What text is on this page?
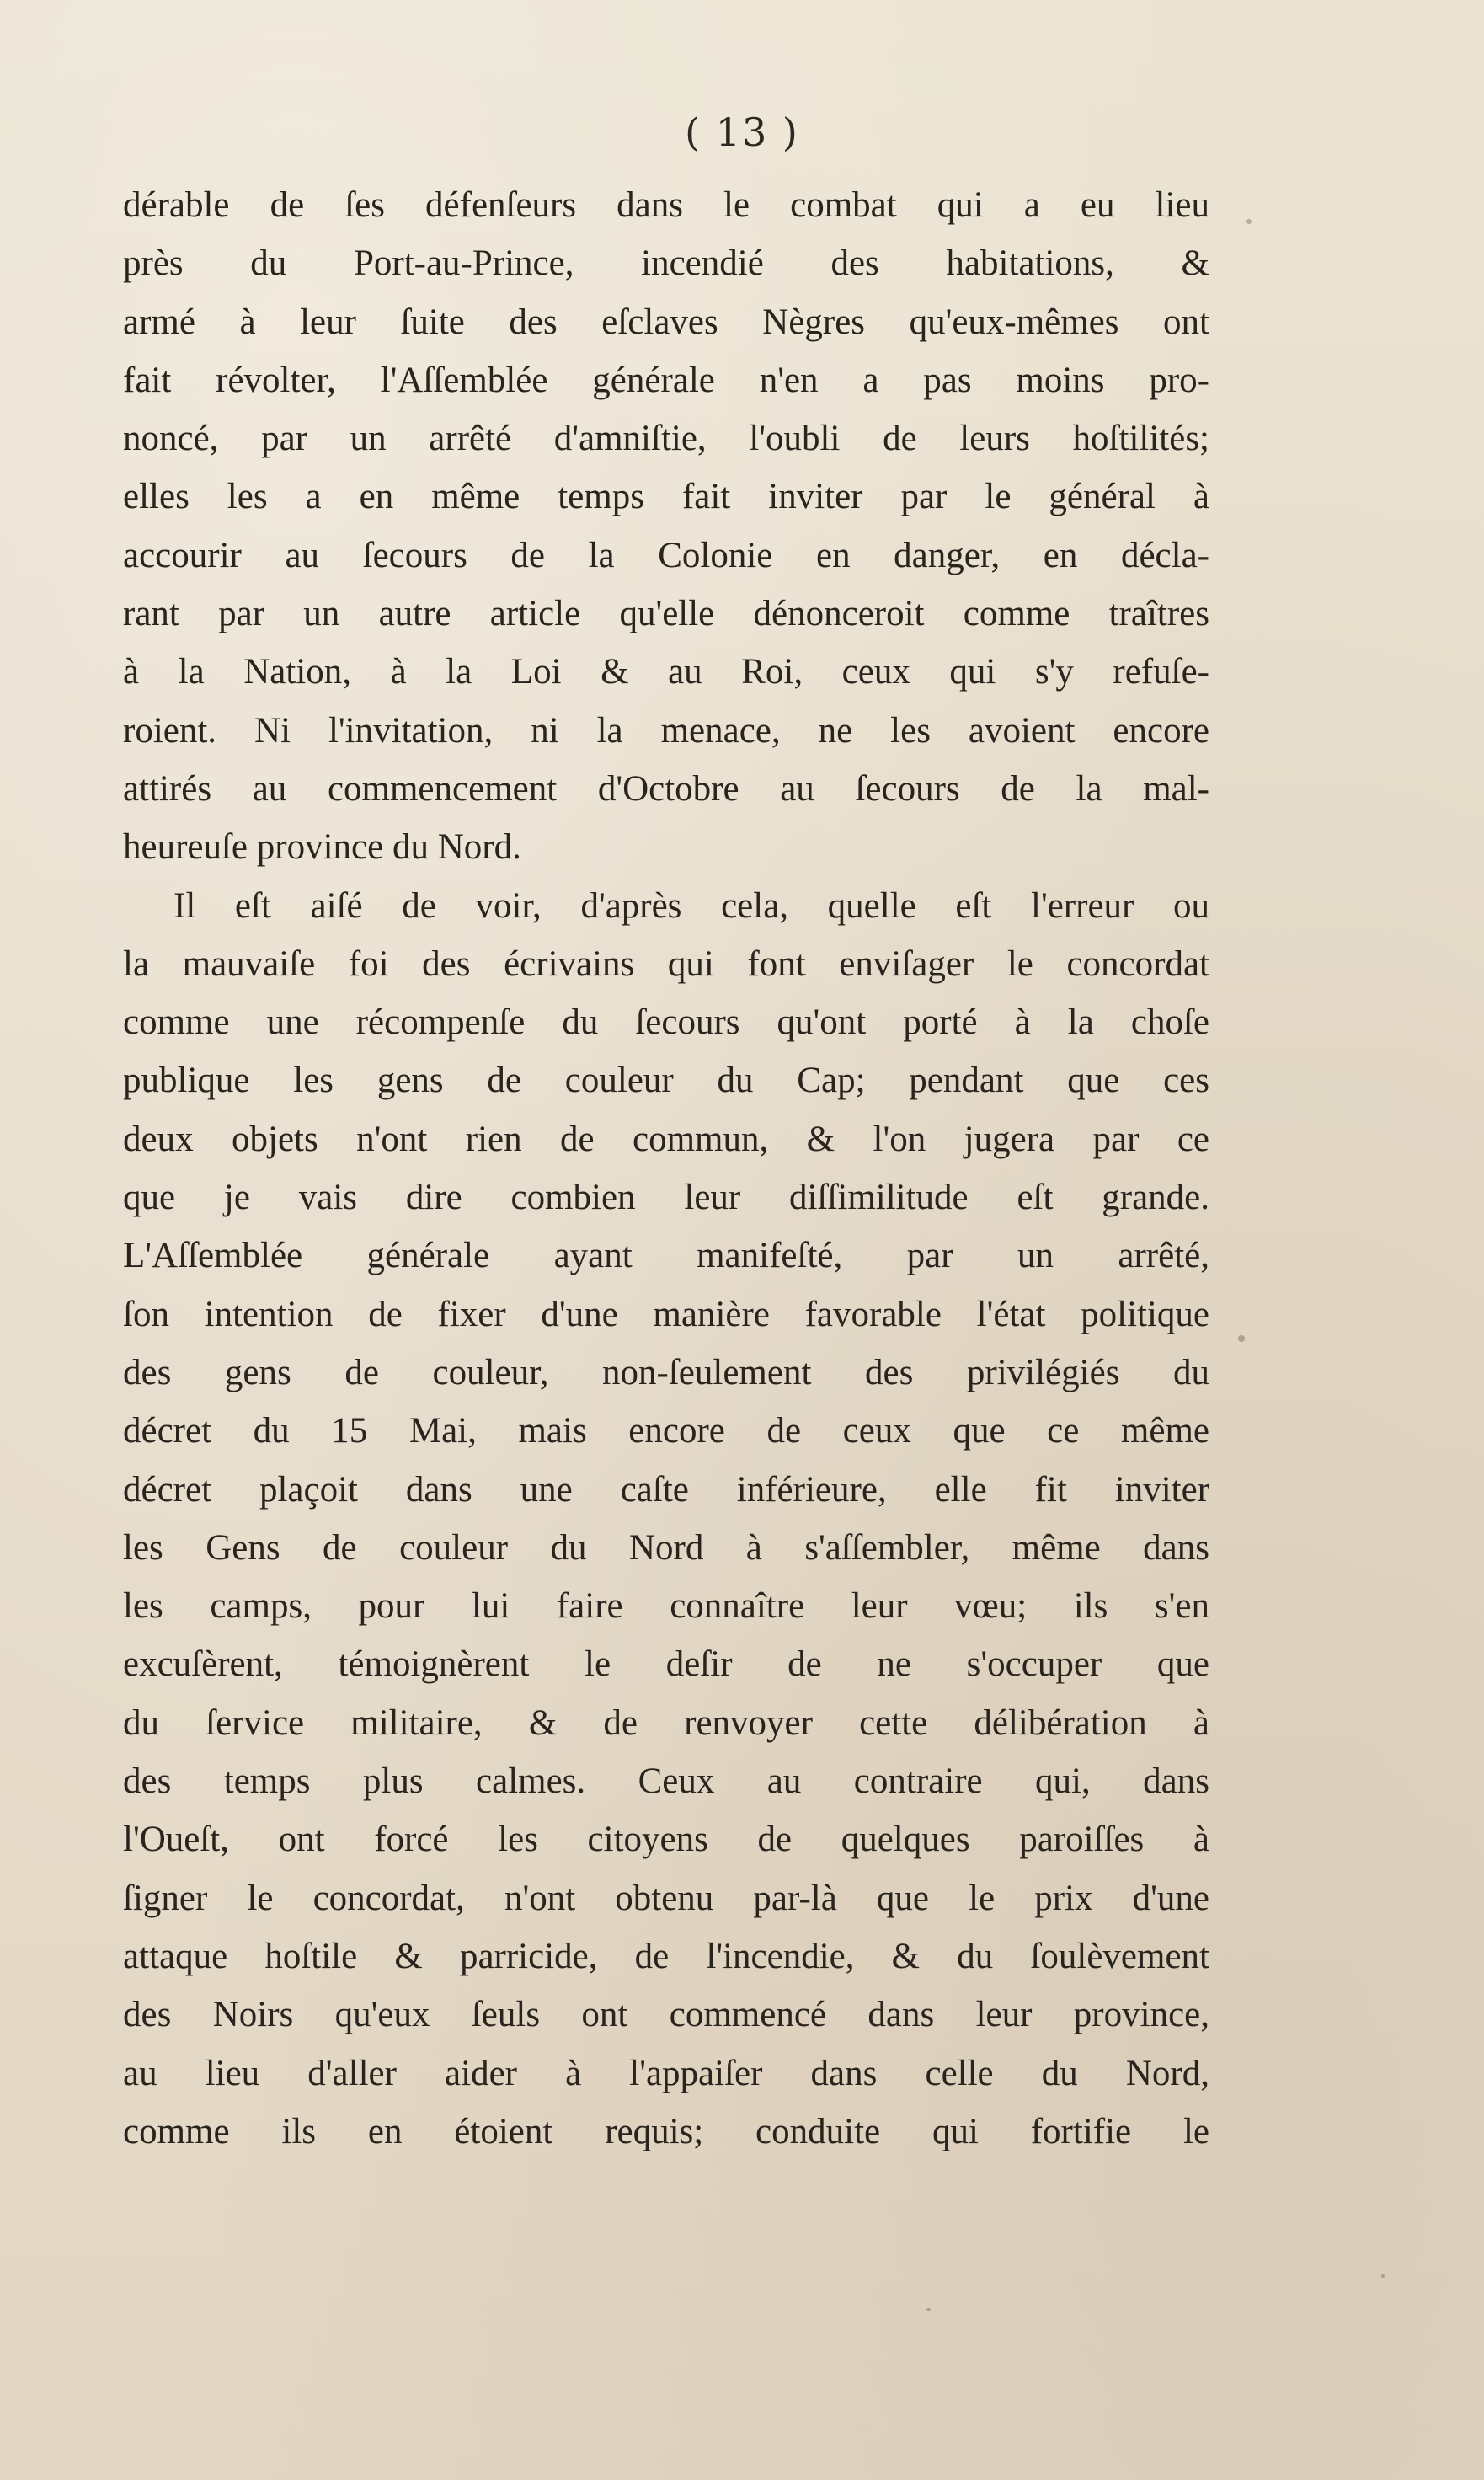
( 13 )
dérable de ſes défenſeurs dans le combat qui a eu lieu
près du Port-au-Prince, incendié des habitations, &
armé à leur ſuite des eſclaves Nègres qu'eux-mêmes ont
fait révolter, l'Aſſemblée générale n'en a pas moins pro-
noncé, par un arrêté d'amniſtie, l'oubli de leurs hoſtilités;
elles les a en même temps fait inviter par le général à
accourir au ſecours de la Colonie en danger, en décla-
rant par un autre article qu'elle dénonceroit comme traîtres
à la Nation, à la Loi & au Roi, ceux qui s'y refuſe-
roient. Ni l'invitation, ni la menace, ne les avoient encore
attirés au commencement d'Octobre au ſecours de la mal-
heureuſe province du Nord.
Il eſt aiſé de voir, d'après cela, quelle eſt l'erreur ou
la mauvaiſe foi des écrivains qui font enviſager le concordat
comme une récompenſe du ſecours qu'ont porté à la choſe
publique les gens de couleur du Cap; pendant que ces
deux objets n'ont rien de commun, & l'on jugera par ce
que je vais dire combien leur diſſimilitude eſt grande.
L'Aſſemblée générale ayant manifeſté, par un arrêté,
ſon intention de fixer d'une manière favorable l'état politique
des gens de couleur, non-ſeulement des privilégiés du
décret du 15 Mai, mais encore de ceux que ce même
décret plaçoit dans une caſte inférieure, elle fit inviter
les Gens de couleur du Nord à s'aſſembler, même dans
les camps, pour lui faire connaître leur vœu; ils s'en
excuſèrent, témoignèrent le deſir de ne s'occuper que
du ſervice militaire, & de renvoyer cette délibération à
des temps plus calmes. Ceux au contraire qui, dans
l'Oueſt, ont forcé les citoyens de quelques paroiſſes à
ſigner le concordat, n'ont obtenu par-là que le prix d'une
attaque hoſtile & parricide, de l'incendie, & du ſoulèvement
des Noirs qu'eux ſeuls ont commencé dans leur province,
au lieu d'aller aider à l'appaiſer dans celle du Nord,
comme ils en étoient requis; conduite qui fortifie le
